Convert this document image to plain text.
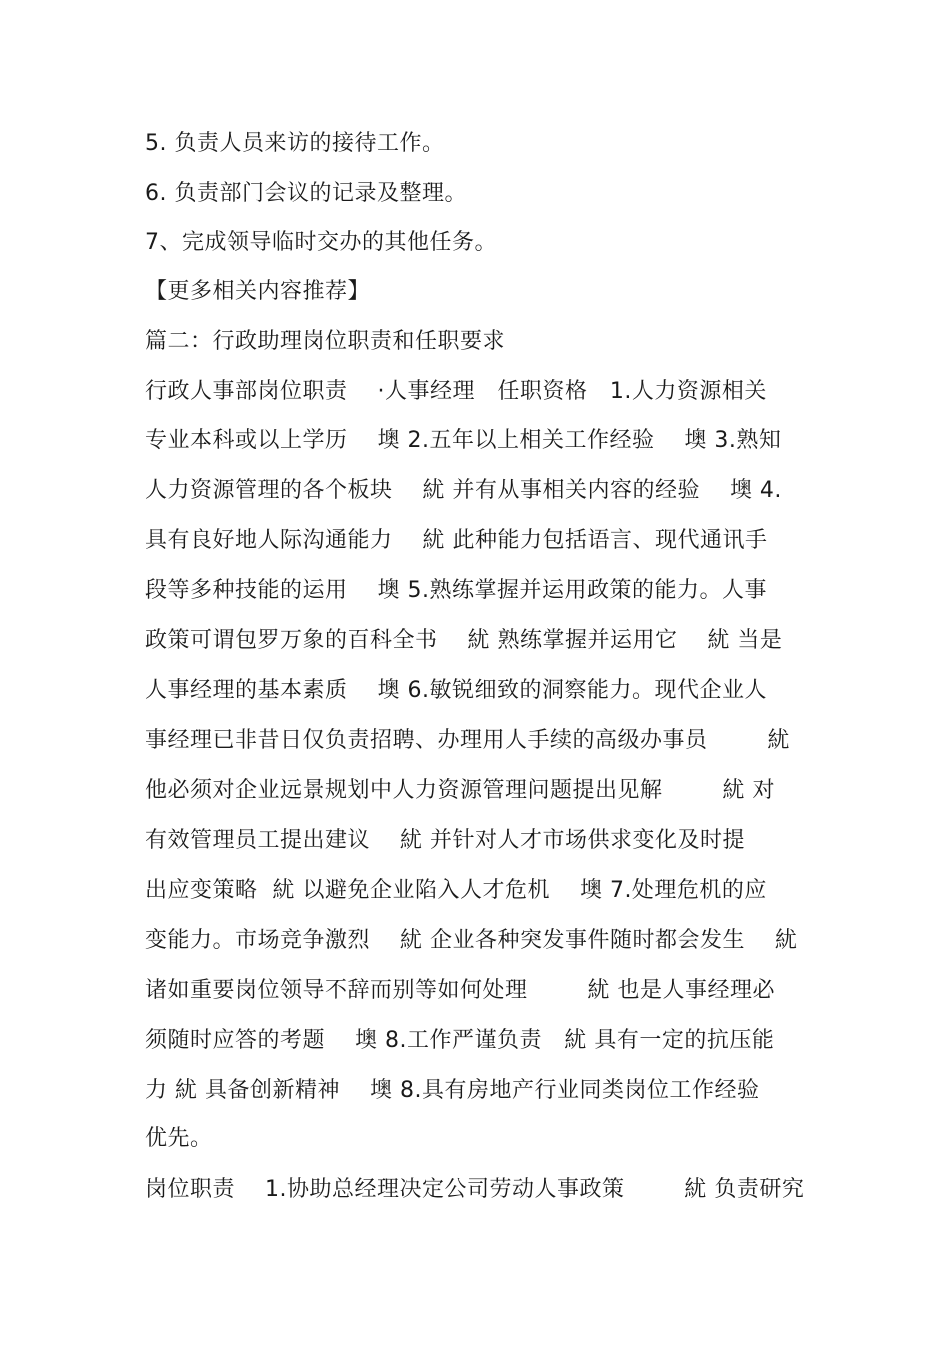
5. 负责人员来访的接待工作。
6. 负责部门会议的记录及整理。
7、完成领导临时交办的其他任务。
【更多相关内容推荐】
篇二：行政助理岗位职责和任职要求
行政人事部岗位职责    ·人事经理   任职资格   1.人力资源相关
专业本科或以上学历    墺 2.五年以上相关工作经验    墺 3.熟知
人力资源管理的各个板块    紌 并有从事相关内容的经验    墺 4.
具有良好地人际沟通能力    紌 此种能力包括语言、现代通讯手
段等多种技能的运用    墺 5.熟练掌握并运用政策的能力。人事
政策可谓包罗万象的百科全书    紌 熟练掌握并运用它    紌 当是
人事经理的基本素质    墺 6.敏锐细致的洞察能力。现代企业人
事经理已非昔日仅负责招聘、办理用人手续的高级办事员        紌
他必须对企业远景规划中人力资源管理问题提出见解        紌 对
有效管理员工提出建议    紌 并针对人才市场供求变化及时提
出应变策略  紌 以避免企业陷入人才危机    墺 7.处理危机的应
变能力。市场竞争激烈    紌 企业各种突发事件随时都会发生    紌
诸如重要岗位领导不辞而别等如何处理        紌 也是人事经理必
须随时应答的考题    墺 8.工作严谨负责   紌 具有一定的抗压能
力 紌 具备创新精神    墺 8.具有房地产行业同类岗位工作经验
优先。
岗位职责    1.协助总经理决定公司劳动人事政策        紌 负责研究
